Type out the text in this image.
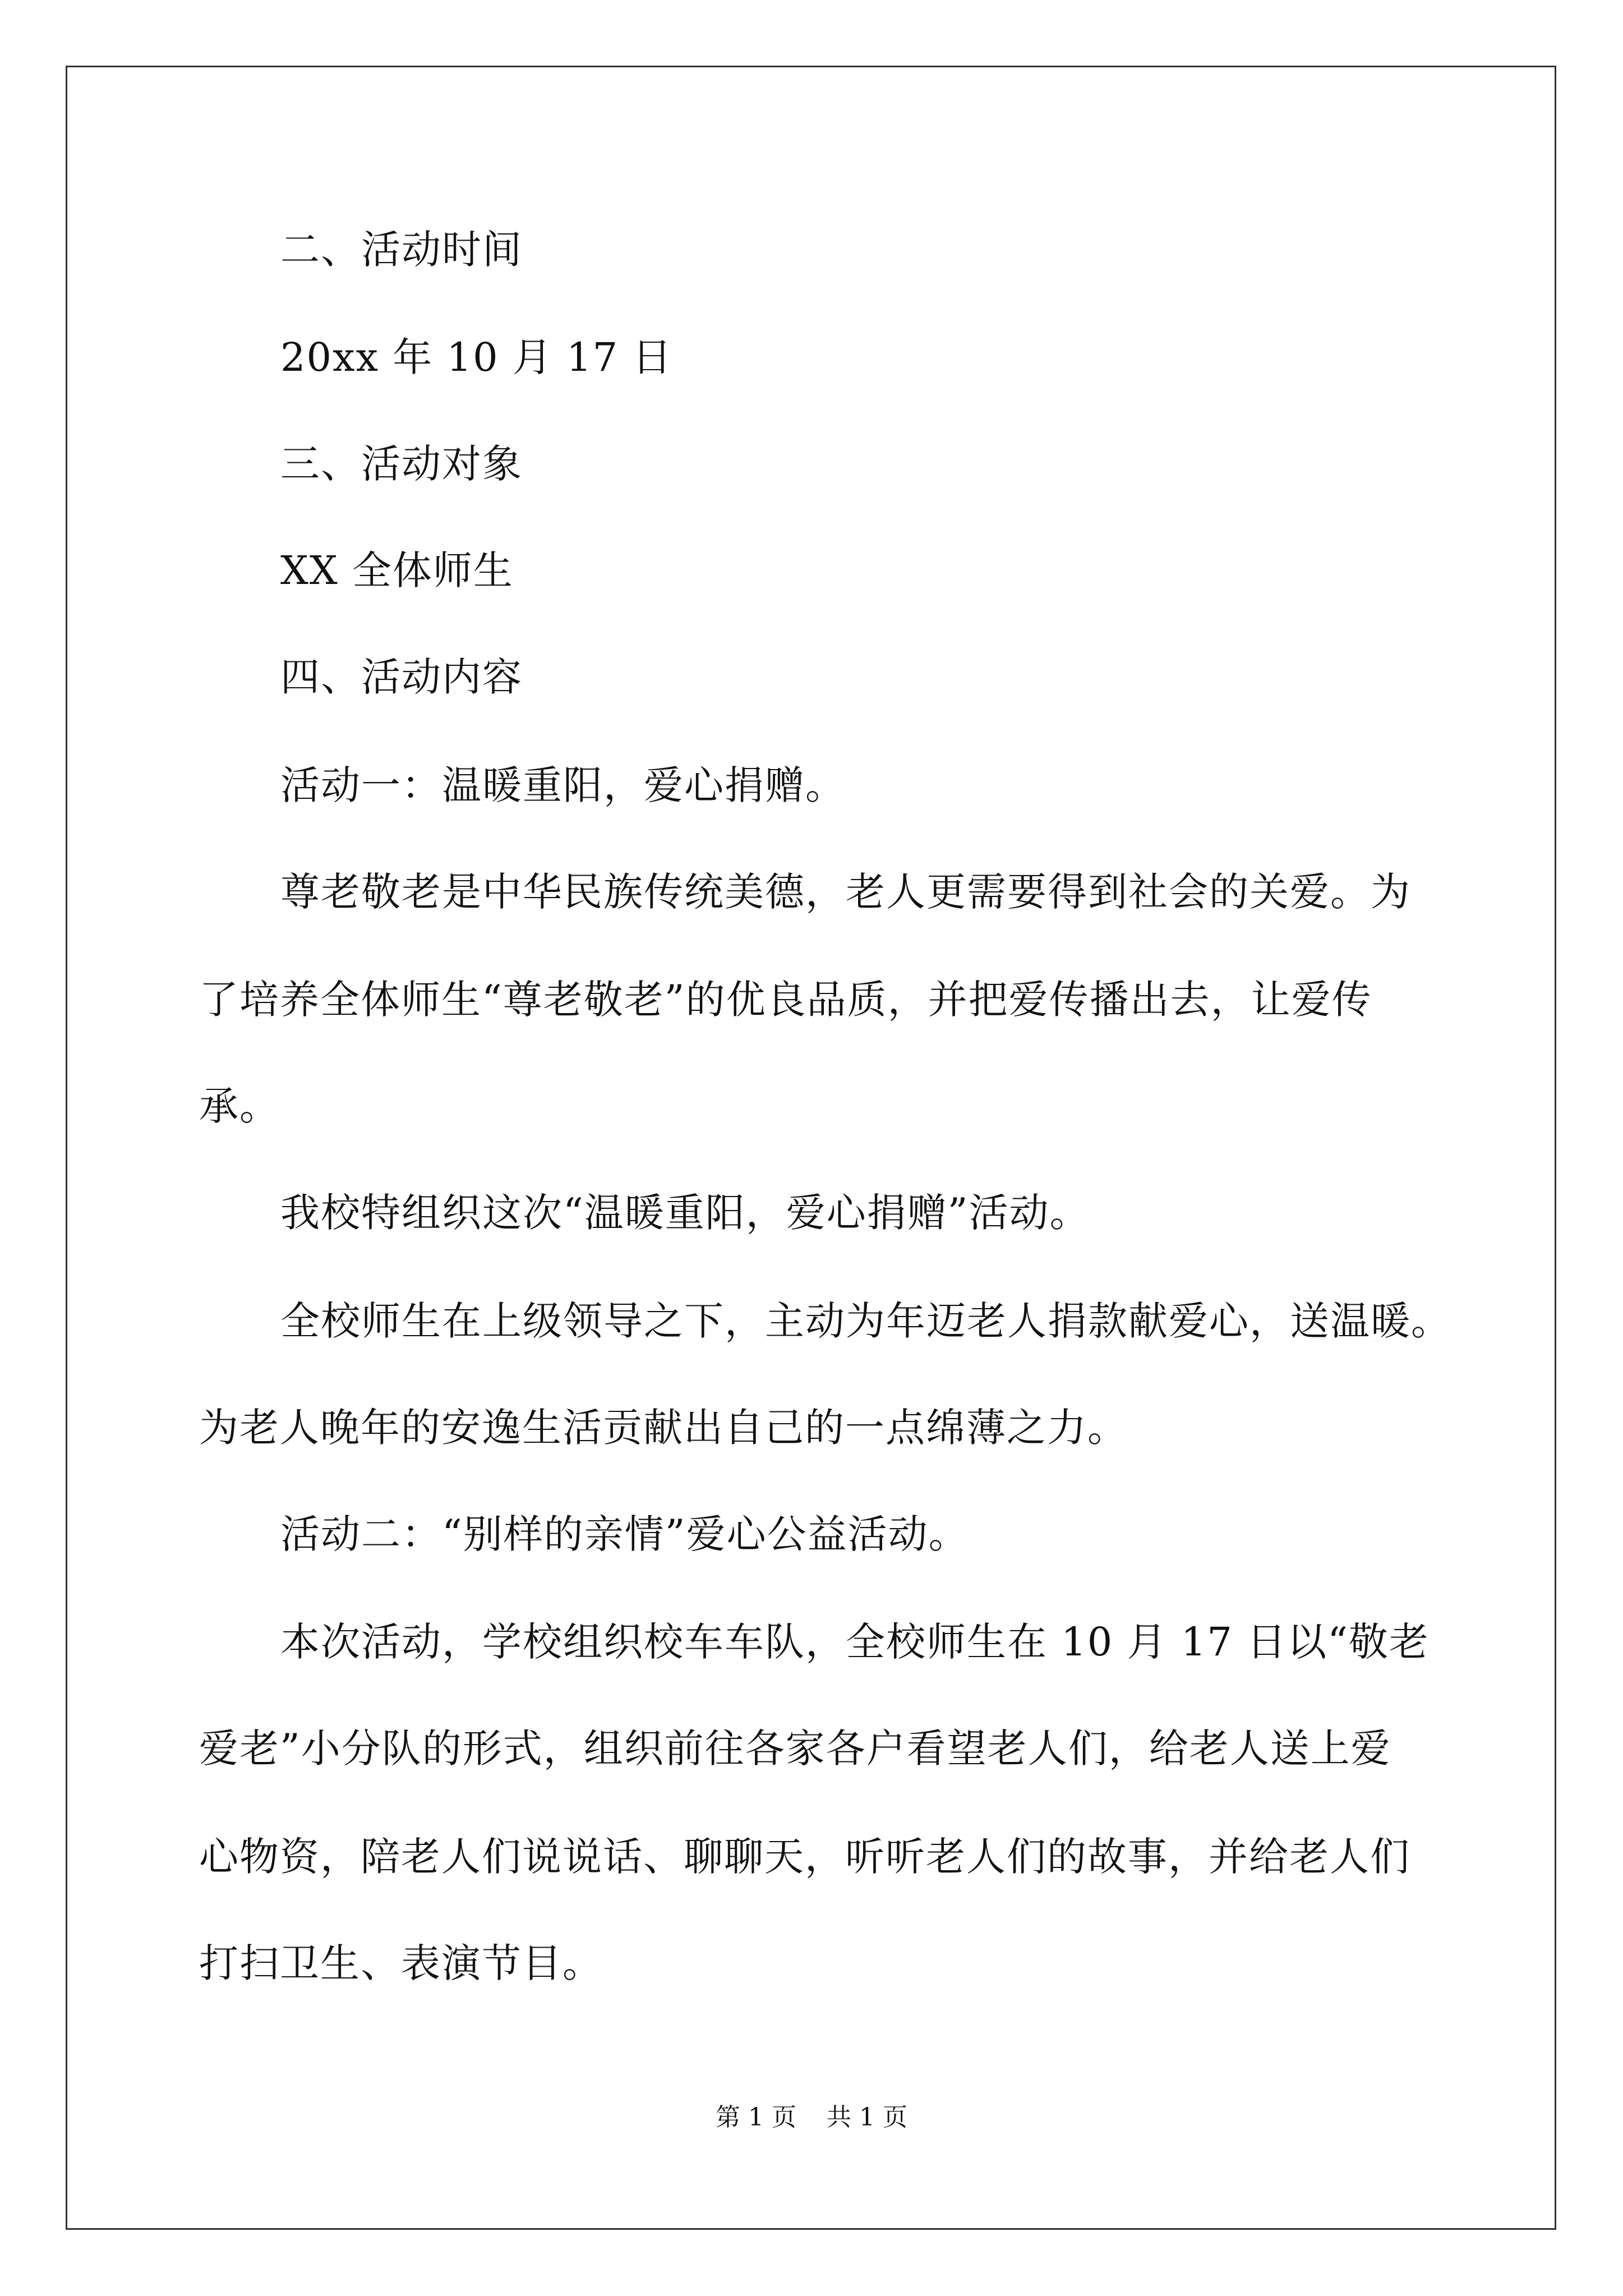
二、活动时间
20xx 年 10 月 17 日
三、活动对象
XX 全体师生
四、活动内容
活动一：温暖重阳，爱心捐赠。
尊老敬老是中华民族传统美德，老人更需要得到社会的关爱。为
了培养全体师生“尊老敬老”的优良品质，并把爱传播出去，让爱传
承。
我校特组织这次“温暖重阳，爱心捐赠”活动。
全校师生在上级领导之下，主动为年迈老人捐款献爱心，送温暖。
为老人晚年的安逸生活贡献出自己的一点绵薄之力。
活动二：“别样的亲情”爱心公益活动。
本次活动，学校组织校车车队，全校师生在 10 月 17 日以“敬老
爱老”小分队的形式，组织前往各家各户看望老人们，给老人送上爱
心物资，陪老人们说说话、聊聊天，听听老人们的故事，并给老人们
打扫卫生、表演节目。
第 1 页 共 1 页
